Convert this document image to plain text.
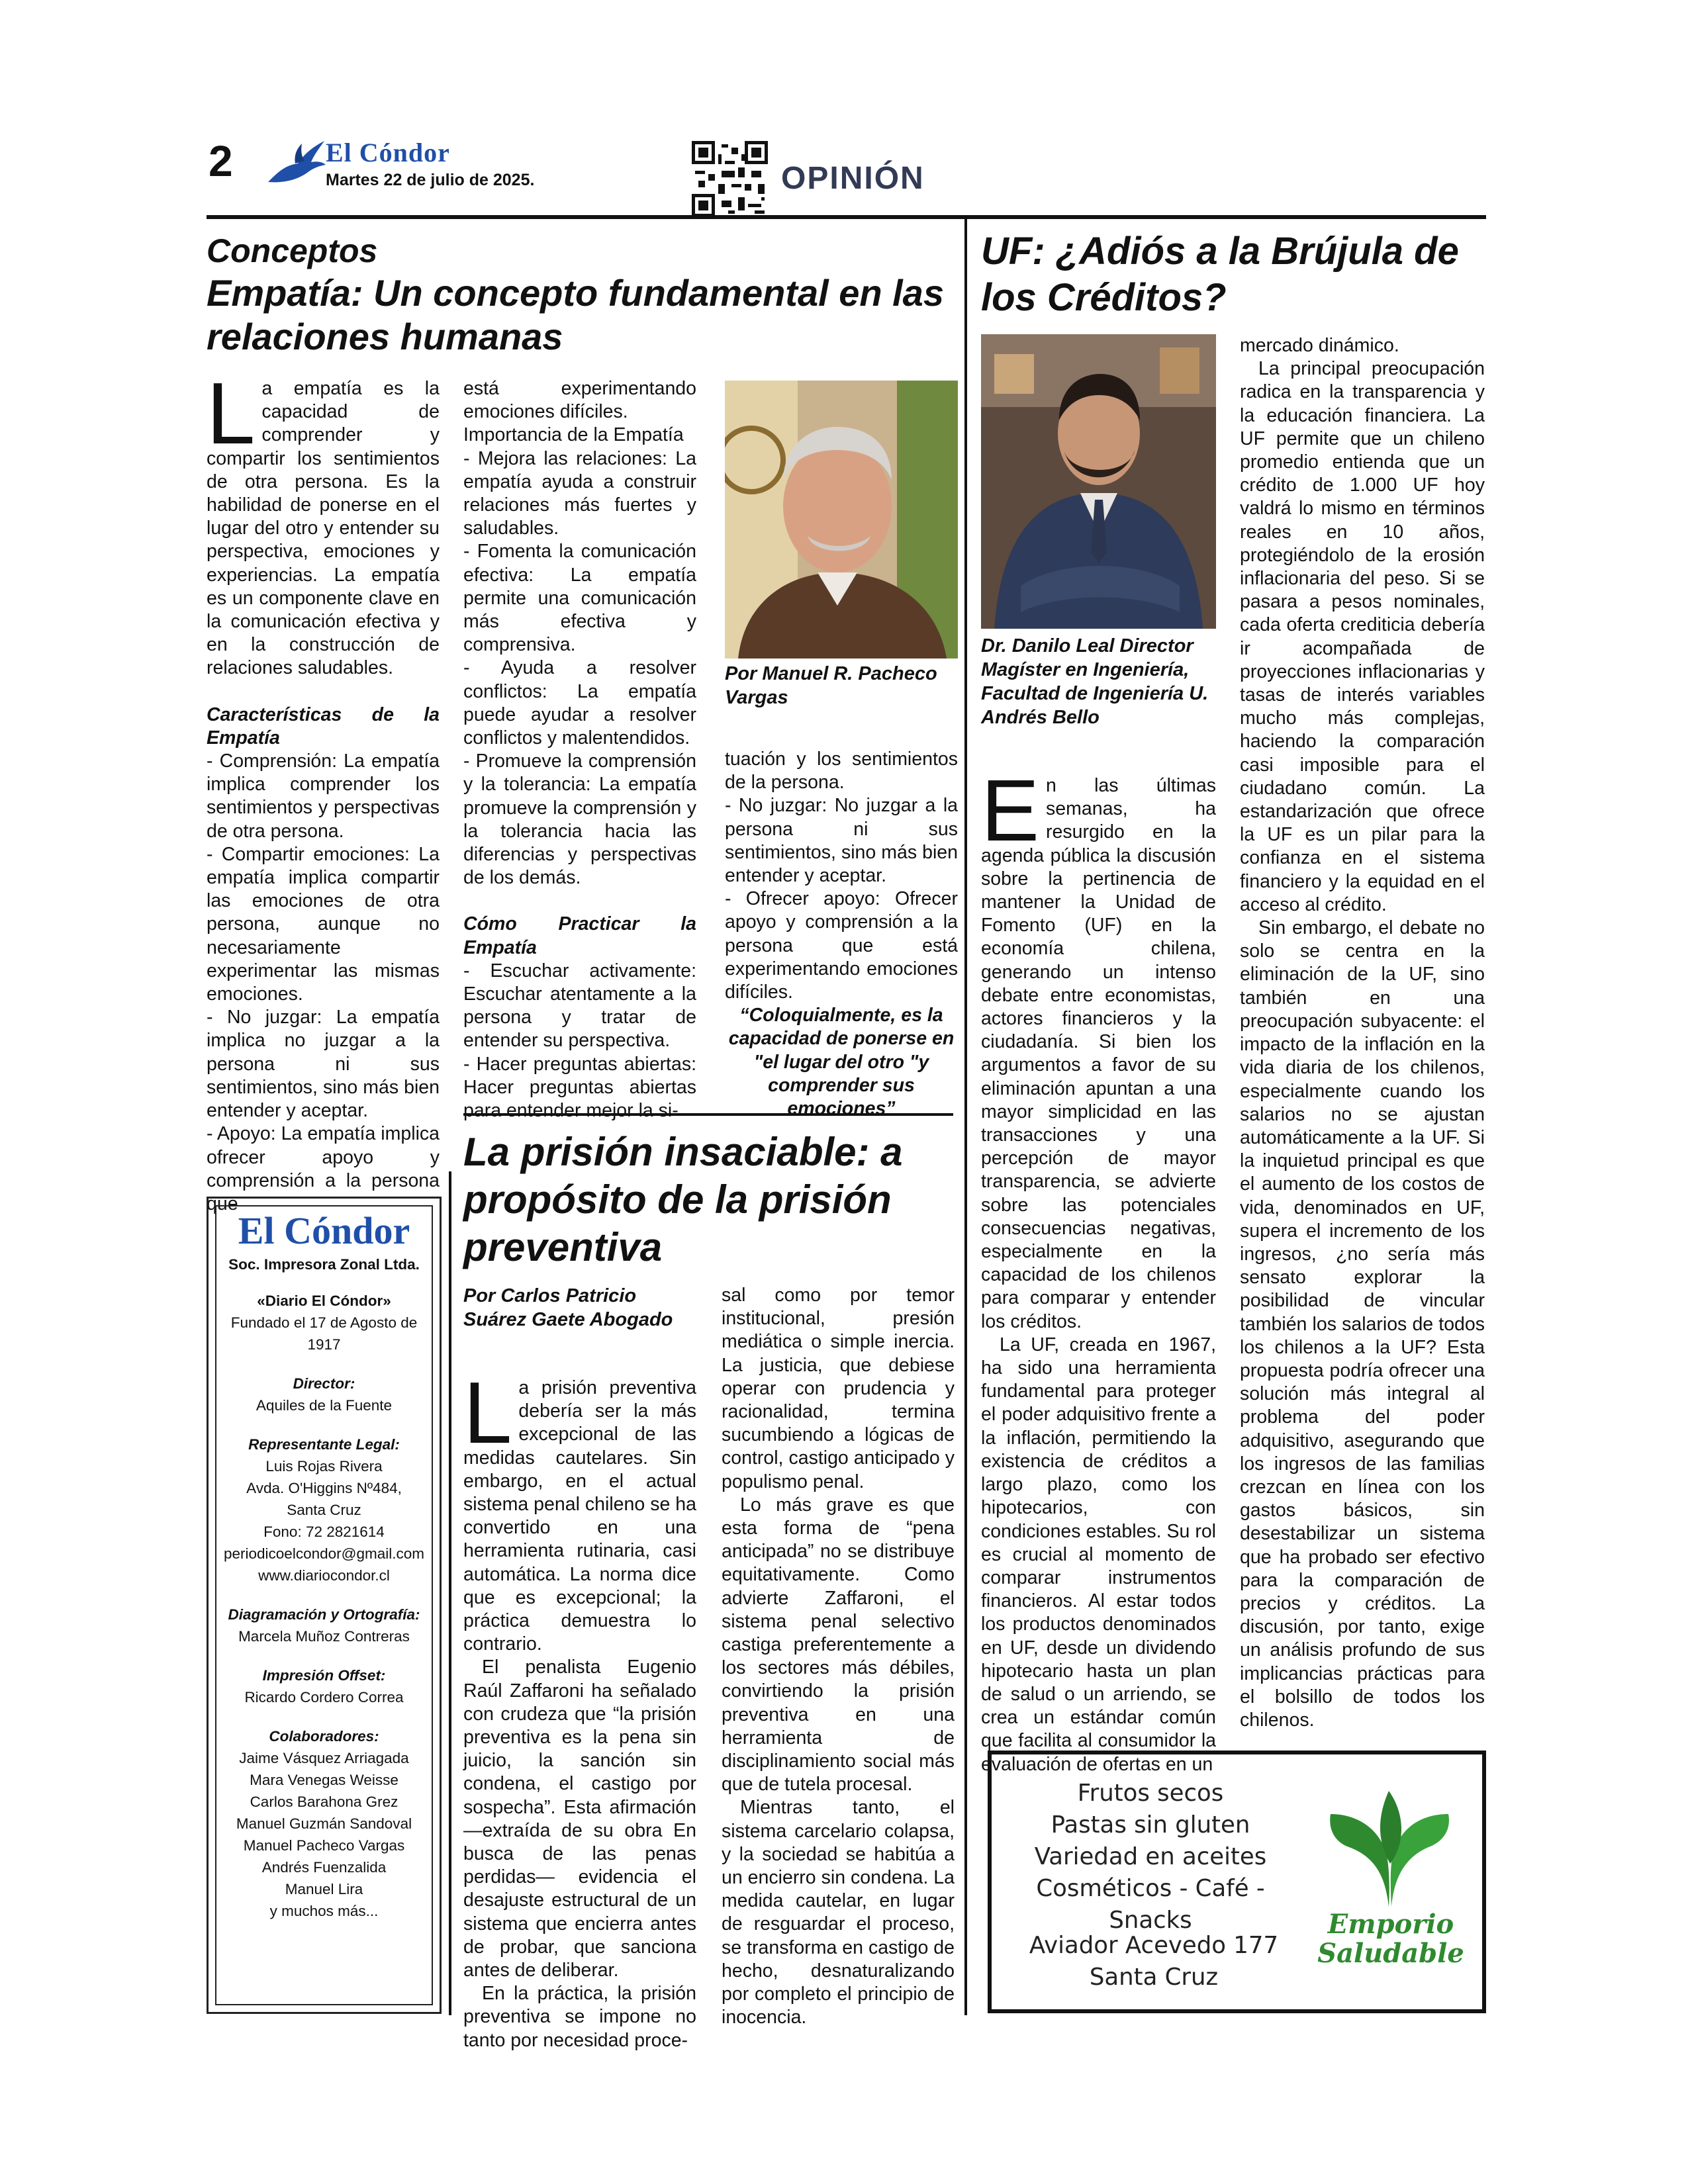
2	El Cóndor
Martes 22 de julio de 2025.	OPINIÓN
Conceptos
Empatía: Un concepto fundamental en las relaciones humanas
L a empatía es la capacidad de comprender y compartir los sentimientos de otra persona. Es la habilidad de ponerse en el lugar del otro y entender su perspectiva, emociones y experiencias. La empatía es un componente clave en la comunicación efectiva y en la construcción de relaciones saludables.

Características de la Empatía

- Comprensión: La empatía implica comprender los sentimientos y perspectivas de otra persona.

- Compartir emociones: La empatía implica compartir las emociones de otra persona, aunque no necesariamente experimentar las mismas emociones.

- No juzgar: La empatía implica no juzgar a la persona ni sus sentimientos, sino más bien entender y aceptar.

- Apoyo: La empatía implica ofrecer apoyo y comprensión a la persona que

está experimentando emociones difíciles.

Importancia de la Empatía

- Mejora las relaciones: La empatía ayuda a construir relaciones más fuertes y saludables.

- Fomenta la comunicación efectiva: La empatía permite una comunicación más efectiva y comprensiva.

- Ayuda a resolver conflictos: La empatía puede ayudar a resolver conflictos y malentendidos.

- Promueve la comprensión y la tolerancia: La empatía promueve la comprensión y la tolerancia hacia las diferencias y perspectivas de los demás.

Cómo Practicar la Empatía

- Escuchar activamente: Escuchar atentamente a la persona y tratar de entender su perspectiva.

- Hacer preguntas abiertas: Hacer preguntas abiertas para entender mejor la si-

Por Manuel R. Pacheco Vargas

tuación y los sentimientos de la persona.

- No juzgar: No juzgar a la persona ni sus sentimientos, sino más bien entender y aceptar.

- Ofrecer apoyo: Ofrecer apoyo y comprensión a la persona que está experimentando emociones difíciles.

“Coloquialmente, es la capacidad de ponerse en "el lugar del otro "y comprender sus emociones”

El Cóndor
Soc. Impresora Zonal Ltda.
«Diario El Cóndor»
Fundado el 17 de Agosto de 1917
Director:
Aquiles de la Fuente
Representante Legal:
Luis Rojas Rivera
Avda. O'Higgins Nº484,
Santa Cruz
Fono: 72 2821614
periodicoelcondor@gmail.com
www.diariocondor.cl
Diagramación y Ortografía:
Marcela Muñoz Contreras
Impresión Offset:
Ricardo Cordero Correa
Colaboradores:
Jaime Vásquez Arriagada
Mara Venegas Weisse
Carlos Barahona Grez
Manuel Guzmán Sandoval
Manuel Pacheco Vargas
Andrés Fuenzalida
Manuel Lira
y muchos más...
La prisión insaciable: a propósito de la prisión preventiva
Por Carlos Patricio Suárez Gaete Abogado
L a prisión preventiva debería ser la más excepcional de las medidas cautelares. Sin embargo, en el actual sistema penal chileno se ha convertido en una herramienta rutinaria, casi automática. La norma dice que es excepcional; la práctica demuestra lo contrario.

El penalista Eugenio Raúl Zaffaroni ha señalado con crudeza que “la prisión preventiva es la pena sin juicio, la sanción sin condena, el castigo por sospecha”. Esta afirmación —extraída de su obra En busca de las penas perdidas— evidencia el desajuste estructural de un sistema que encierra antes de probar, que sanciona antes de deliberar.

En la práctica, la prisión preventiva se impone no tanto por necesidad proce-

sal como por temor institucional, presión mediática o simple inercia. La justicia, que debiese operar con prudencia y racionalidad, termina sucumbiendo a lógicas de control, castigo anticipado y populismo penal.

Lo más grave es que esta forma de “pena anticipada” no se distribuye equitativamente. Como advierte Zaffaroni, el sistema penal selectivo castiga preferentemente a los sectores más débiles, convirtiendo la prisión preventiva en una herramienta de disciplinamiento social más que de tutela procesal.

Mientras tanto, el sistema carcelario colapsa, y la sociedad se habitúa a un encierro sin condena. La medida cautelar, en lugar de resguardar el proceso, se transforma en castigo de hecho, desnaturalizando por completo el principio de inocencia.

UF: ¿Adiós a la Brújula de los Créditos?
Dr. Danilo Leal Director Magíster en Ingeniería, Facultad de Ingeniería U. Andrés Bello
E n las últimas semanas, ha resurgido en la agenda pública la discusión sobre la pertinencia de mantener la Unidad de Fomento (UF) en la economía chilena, generando un intenso debate entre economistas, actores financieros y la ciudadanía. Si bien los argumentos a favor de su eliminación apuntan a una mayor simplicidad en las transacciones y una percepción de mayor transparencia, se advierte sobre las potenciales consecuencias negativas, especialmente en la capacidad de los chilenos para comparar y entender los créditos.

La UF, creada en 1967, ha sido una herramienta fundamental para proteger el poder adquisitivo frente a la inflación, permitiendo la existencia de créditos a largo plazo, como los hipotecarios, con condiciones estables. Su rol es crucial al momento de comparar instrumentos financieros. Al estar todos los productos denominados en UF, desde un dividendo hipotecario hasta un plan de salud o un arriendo, se crea un estándar común que facilita al consumidor la evaluación de ofertas en un

mercado dinámico.

La principal preocupación radica en la transparencia y la educación financiera. La UF permite que un chileno promedio entienda que un crédito de 1.000 UF hoy valdrá lo mismo en términos reales en 10 años, protegiéndolo de la erosión inflacionaria del peso. Si se pasara a pesos nominales, cada oferta crediticia debería ir acompañada de proyecciones inflacionarias y tasas de interés variables mucho más complejas, haciendo la comparación casi imposible para el ciudadano común. La estandarización que ofrece la UF es un pilar para la confianza en el sistema financiero y la equidad en el acceso al crédito.

Sin embargo, el debate no solo se centra en la eliminación de la UF, sino también en una preocupación subyacente: el impacto de la inflación en la vida diaria de los chilenos, especialmente cuando los salarios no se ajustan automáticamente a la UF. Si la inquietud principal es que el aumento de los costos de vida, denominados en UF, supera el incremento de los ingresos, ¿no sería más sensato explorar la posibilidad de vincular también los salarios de todos los chilenos a la UF? Esta propuesta podría ofrecer una solución más integral al problema del poder adquisitivo, asegurando que los ingresos de las familias crezcan en línea con los gastos básicos, sin desestabilizar un sistema que ha probado ser efectivo para la comparación de precios y créditos. La discusión, por tanto, exige un análisis profundo de sus implicancias prácticas para el bolsillo de todos los chilenos.

Frutos secos
Pastas sin gluten
Variedad en aceites
Cosméticos - Café - Snacks
Aviador Acevedo 177
Santa Cruz
Emporio
Saludable
